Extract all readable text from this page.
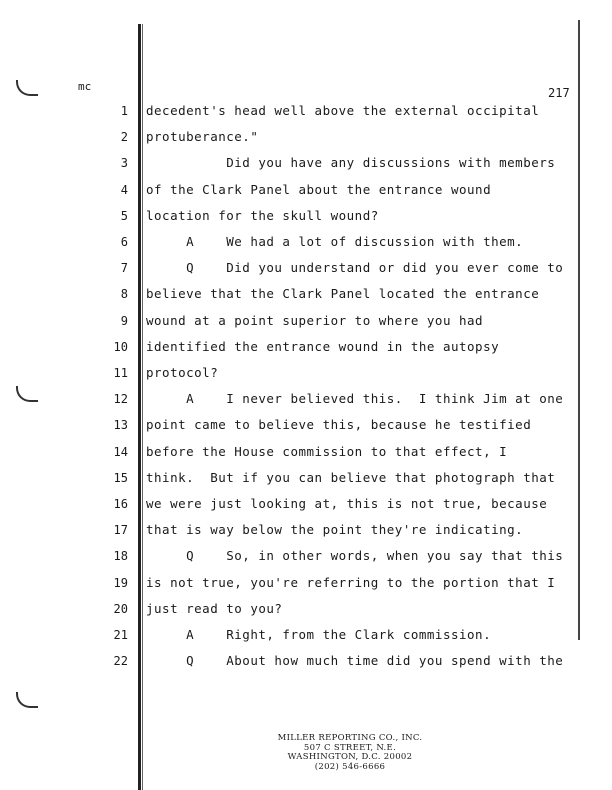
mc	217
1 decedent's head well above the external occipital
2 protuberance."
3 Did you have any discussions with members
4 of the Clark Panel about the entrance wound
5 location for the skull wound?
6 A    We had a lot of discussion with them.
7 Q    Did you understand or did you ever come to
8 believe that the Clark Panel located the entrance
9 wound at a point superior to where you had
10 identified the entrance wound in the autopsy
11 protocol?
12 A    I never believed this.  I think Jim at one
13 point came to believe this, because he testified
14 before the House commission to that effect, I
15 think.  But if you can believe that photograph that
16 we were just looking at, this is not true, because
17 that is way below the point they're indicating.
18 Q    So, in other words, when you say that this
19 is not true, you're referring to the portion that I
20 just read to you?
21 A    Right, from the Clark commission.
22 Q    About how much time did you spend with the
MILLER REPORTING CO., INC.
507 C STREET, N.E.
WASHINGTON, D.C. 20002
(202) 546-6666
